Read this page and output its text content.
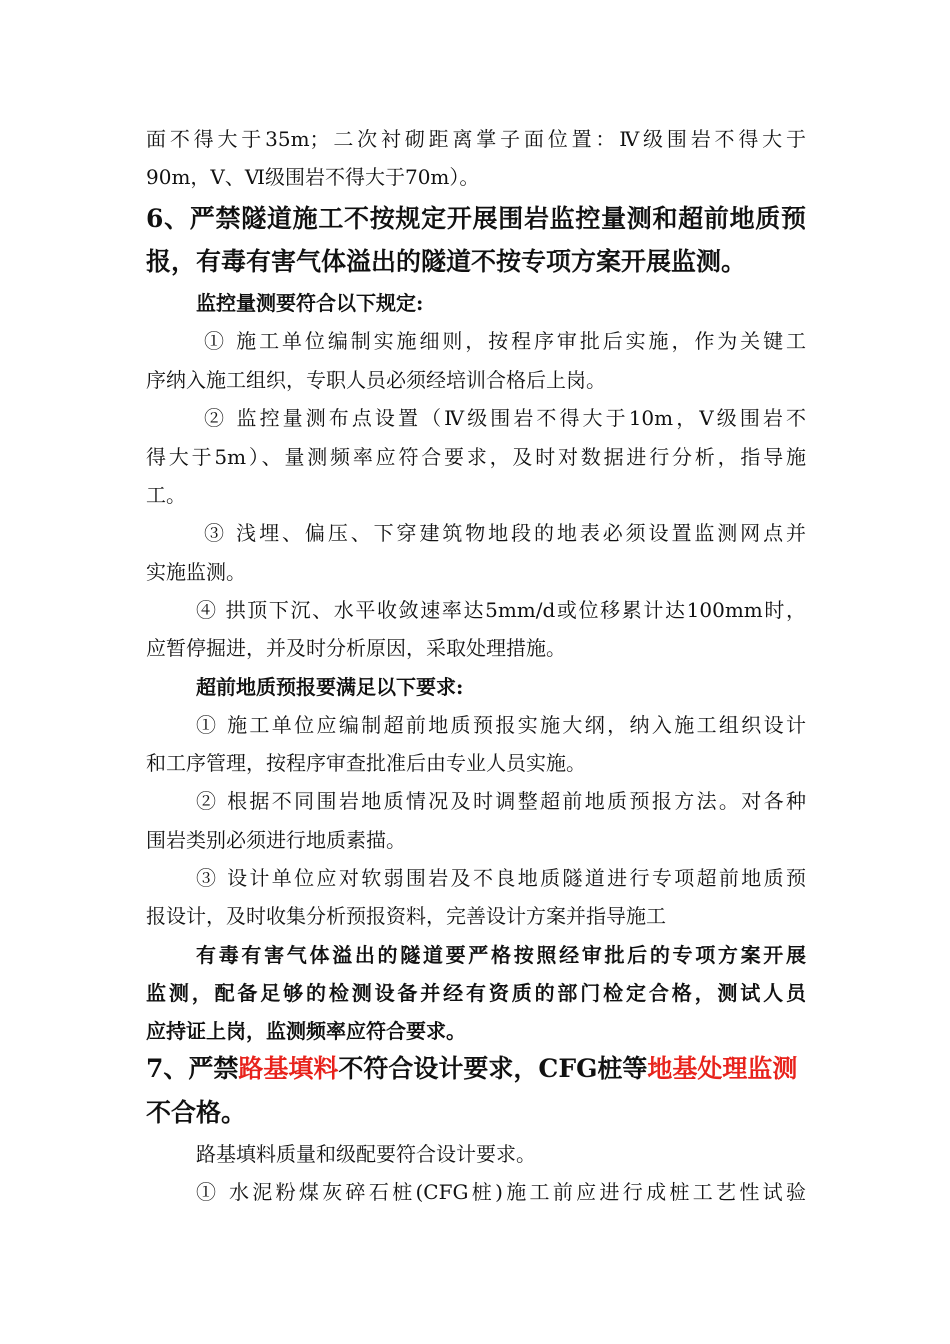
面不得大于35m；二次衬砌距离掌子面位置：Ⅳ级围岩不得大于
90m，Ⅴ、Ⅵ级围岩不得大于70m）。
6、严禁隧道施工不按规定开展围岩监控量测和超前地质预
报，有毒有害气体溢出的隧道不按专项方案开展监测。
监控量测要符合以下规定:
① 施工单位编制实施细则，按程序审批后实施，作为关键工
序纳入施工组织，专职人员必须经培训合格后上岗。
② 监控量测布点设置（Ⅳ级围岩不得大于10m，Ⅴ级围岩不
得大于5m）、量测频率应符合要求，及时对数据进行分析，指导施
工。
③ 浅埋、偏压、下穿建筑物地段的地表必须设置监测网点并
实施监测。
④ 拱顶下沉、水平收敛速率达5mm/d或位移累计达100mm时，
应暂停掘进，并及时分析原因，采取处理措施。
超前地质预报要满足以下要求:
① 施工单位应编制超前地质预报实施大纲，纳入施工组织设计
和工序管理，按程序审查批准后由专业人员实施。
② 根据不同围岩地质情况及时调整超前地质预报方法。对各种
围岩类别必须进行地质素描。
③ 设计单位应对软弱围岩及不良地质隧道进行专项超前地质预
报设计，及时收集分析预报资料，完善设计方案并指导施工
有毒有害气体溢出的隧道要严格按照经审批后的专项方案开展
监测，配备足够的检测设备并经有资质的部门检定合格，测试人员
应持证上岗，监测频率应符合要求。
7、严禁路基填料不符合设计要求，CFG桩等地基处理监测
不合格。
路基填料质量和级配要符合设计要求。
① 水泥粉煤灰碎石桩(CFG桩)施工前应进行成桩工艺性试验
